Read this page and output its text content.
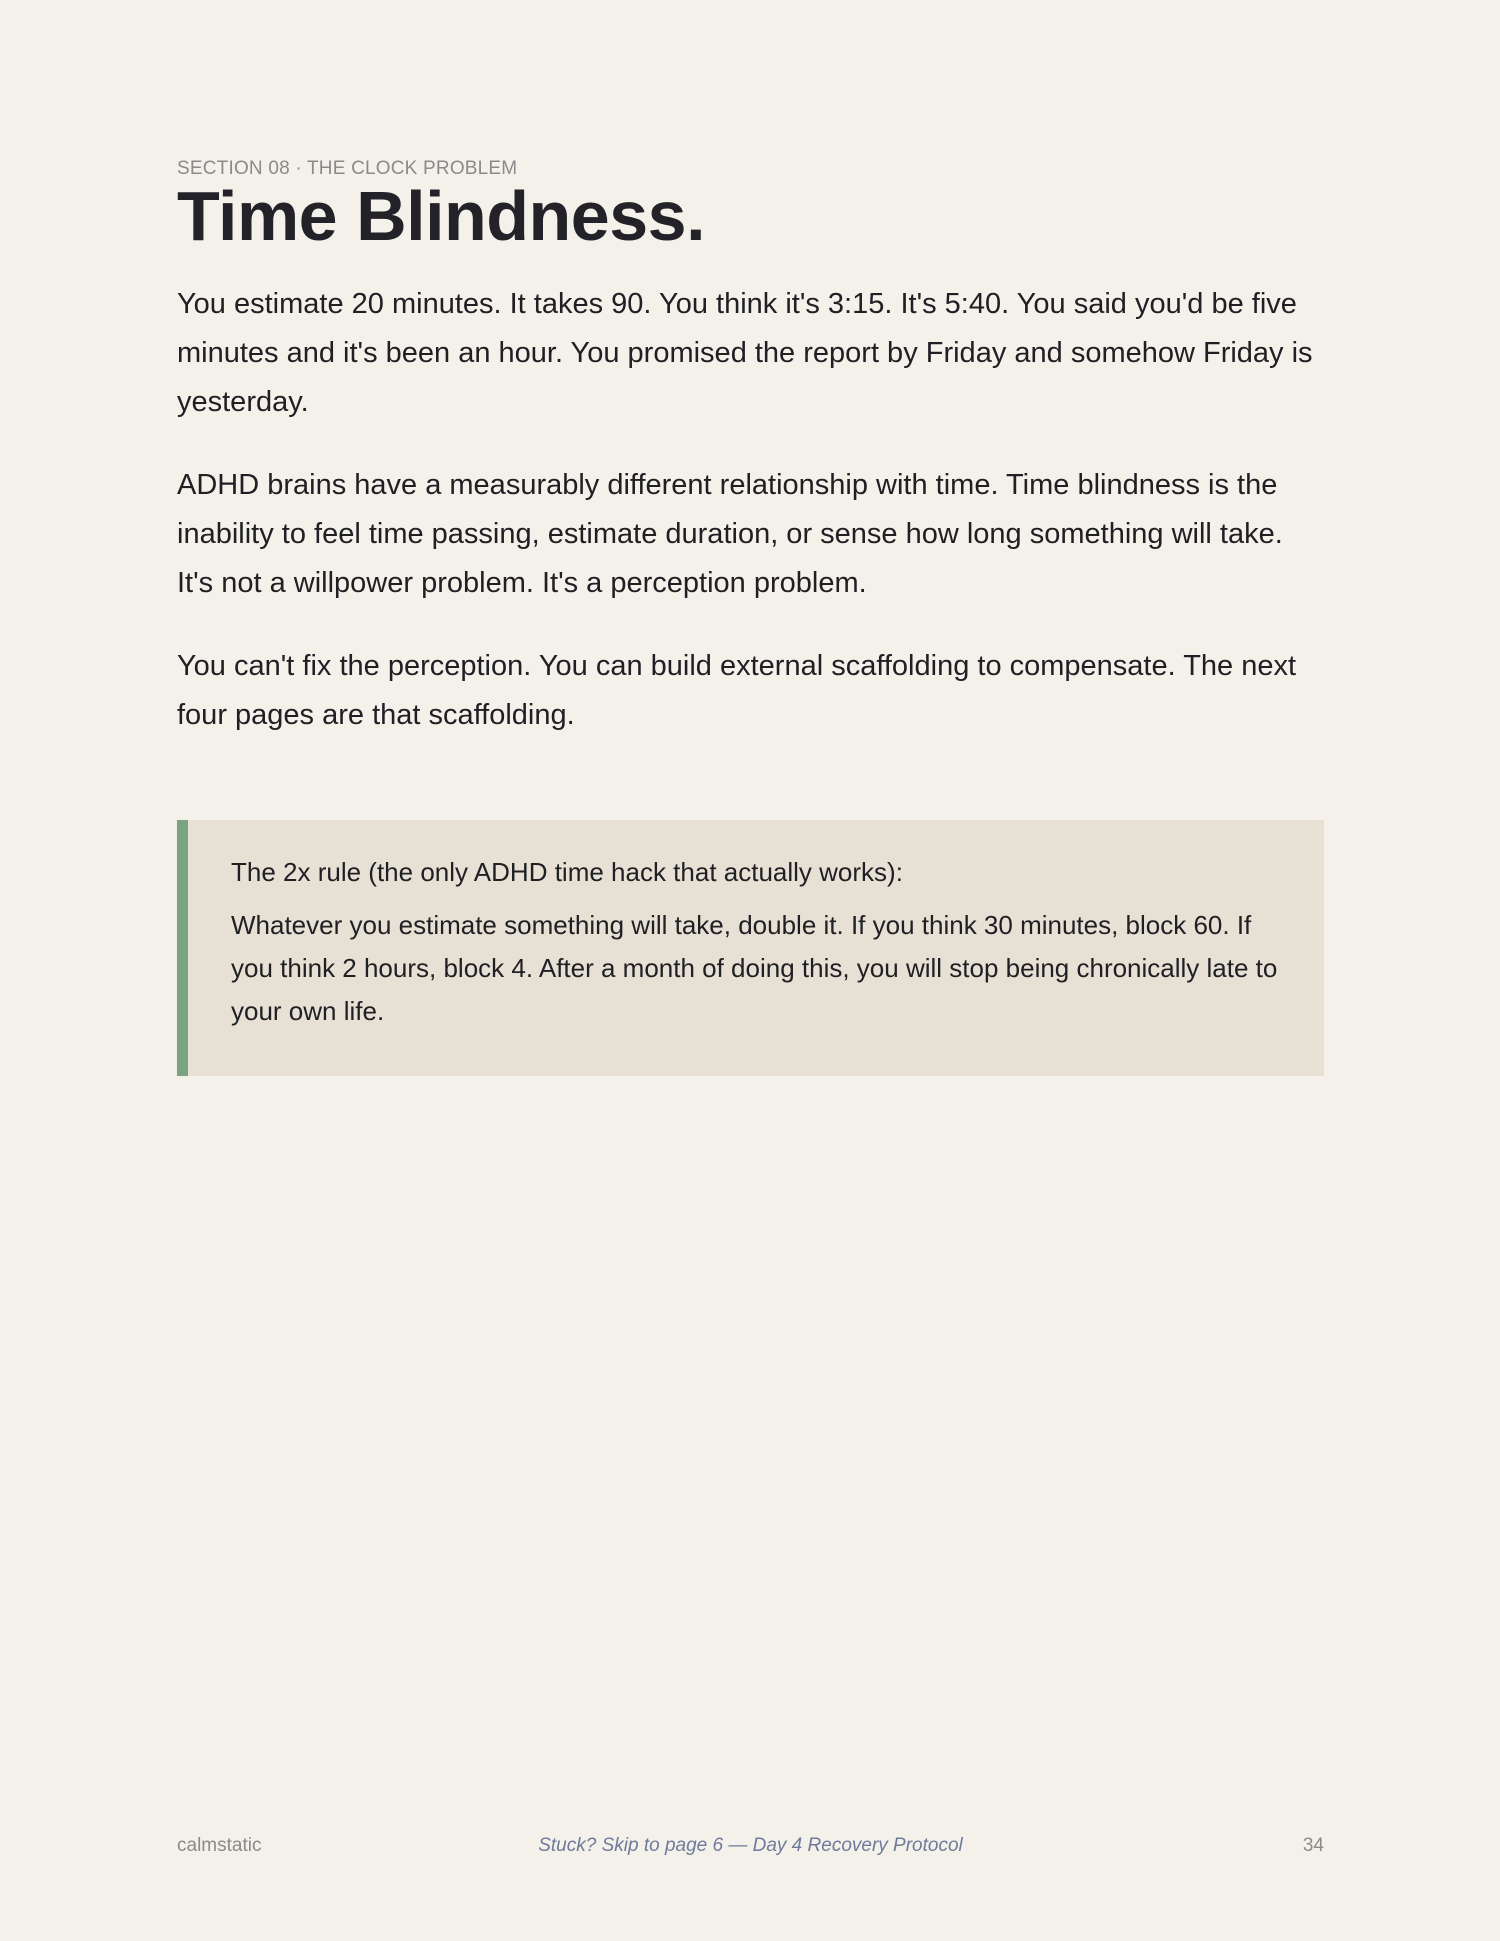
SECTION 08 · THE CLOCK PROBLEM
Time Blindness.

You estimate 20 minutes. It takes 90. You think it's 3:15. It's 5:40. You said you'd be five minutes and it's been an hour. You promised the report by Friday and somehow Friday is yesterday.

ADHD brains have a measurably different relationship with time. Time blindness is the inability to feel time passing, estimate duration, or sense how long something will take. It's not a willpower problem. It's a perception problem.

You can't fix the perception. You can build external scaffolding to compensate. The next four pages are that scaffolding.

The 2x rule (the only ADHD time hack that actually works):

Whatever you estimate something will take, double it. If you think 30 minutes, block 60. If you think 2 hours, block 4. After a month of doing this, you will stop being chronically late to your own life.

calmstatic	Stuck? Skip to page 6 — Day 4 Recovery Protocol	34
